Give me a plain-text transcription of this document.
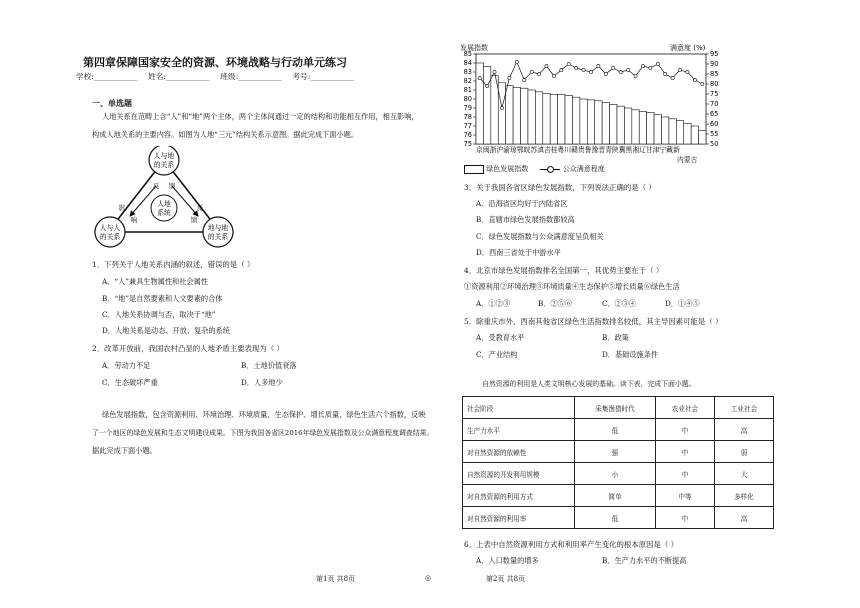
第四章保障国家安全的资源、环境战略与行动单元练习
学校:___________ 姓名:___________ 班级:___________ 考号:___________
一、单选题
人地关系在范畴上含“人”和“地”两个主体，两个主体间通过一定的结构和功能相互作用，相互影响，
构成人地关系的主要内容。如图为人地“三元”结构关系示意图。据此完成下面小题。
人与地
的关系
人与人
的关系
地与地
的关系
人地
系统
反 馈
影
响
反
馈
1．下列关于人地关系内涵的叙述，错误的是（ ）
A．“人”兼具生物属性和社会属性
B．“地”是自然要素和人文要素的合体
C．人地关系协调与否，取决于“地”
D．人地关系是动态、开放、复杂的系统
2．改革开放前，我国农村凸显的人地矛盾主要表现为（ ）
A．劳动力不足	B．土地价值衰落
C．生态破坏严重	D．人多地少
绿色发展指数，包含资源利用、环境治理、环境质量、生态保护、增长质量、绿色生活六个指数，反映
了一个地区的绿色发展和生态文明建设成果。下图为我国各省区2016年绿色发展指数及公众满意程度调查结果。
据此完成下面小题。
发展指数	满意度 (%)
85
84
83
82
81
80
79
78
77
76
75
95
90
85
80
75
70
65
60
55
50
京闽浙沪渝琼鄂皖苏滇吉桂粤川赣贵鲁豫晋青陕冀黑湘辽甘津宁藏新
内蒙古
绿色发展指数	公众满意程度
3．关于我国各省区绿色发展指数，下列说法正确的是（ ）
A．沿海省区均好于内陆省区
B．直辖市绿色发展指数都较高
C．绿色发展指数与公众满意度呈负相关
D．西南三省处于中游水平
4．北京市绿色发展指数排名全国第一，其优势主要在于（ ）
①资源利用②环境治理③环境质量④生态保护⑤增长质量⑥绿色生活
A．①②③	B．②⑤⑥	C．②③④	D．①④⑤
5．除重庆市外，西南其他省区绿色生活指数排名较低，其主导因素可能是（ ）
A．受教育水平	B．政策
C．产业结构	D．基础设施条件
自然资源的利用是人类文明核心发展的基础。读下表，完成下面小题。
社会阶段	采集渔猎时代	农业社会	工业社会
生产力水平	低	中	高
对自然资源的依赖性	强	中	弱
自然资源的开发利用规模	小	中	大
对自然资源的利用方式	简单	中等	多样化
对自然资源的利用率	低	中	高
6．上表中自然资源利用方式和利用率产生变化的根本原因是（ ）
A．人口数量的增多	B．生产力水平的不断提高
第1页 共8页	◎	第2页 共8页
